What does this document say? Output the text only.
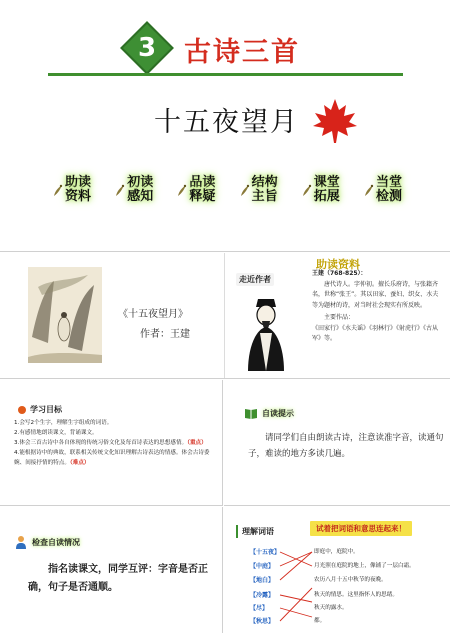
3	古诗三首
十五夜望月
助读
资料
初读
感知
品读
释疑
结构
主旨
课堂
拓展
当堂
检测
《十五夜望月》
作者：王建
走近作者
助读资料

王建（768-825）：

唐代诗人。字仲初。擅长乐府诗，与张籍齐名，世称“张王”。其以田家、蚕妇、织女、水夫等为题材的诗，对当时社会现实有所反映。

主要作品：

《田家行》《水夫谣》《羽林行》《射虎行》《古从军》等。

学习目标
1.会写2个生字，理解生字组成的词语。
2.有感情地朗读课文，背诵课文。
3.体会三首古诗中各自体现的传统习俗文化及每首诗表达的思想感情。（重点）
4.能根据诗中的典故，联系相关传统文化知识理解古诗表达的情感。体会古诗委婉、间接抒情的特点。（难点）
自读提示
请同学们自由朗读古诗，注意读准字音，读通句子，难读的地方多读几遍。
检查自读情况
指名读课文，同学互评：字音是否正确，句子是否通顺。
理解词语	试着把词语和意思连起来！
【十五夜】
【中庭】
【地白】
【冷露】
【尽】
【秋思】
即庭中，庭院中。
月光照在庭院的地上，像铺了一层白霜。
农历八月十五中秋节的夜晚。
秋天的情思。这里指怀人的思绪。
秋天的露水。
都。
